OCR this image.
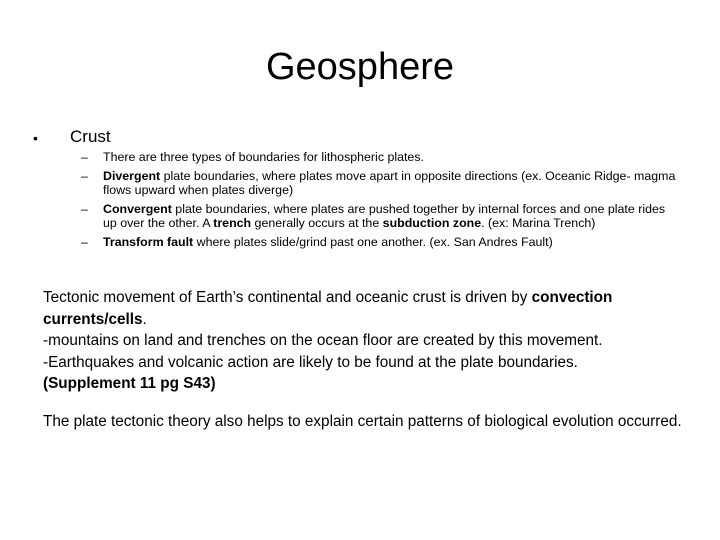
Geosphere
• Crust
– There are three types of boundaries for lithospheric plates.
– Divergent plate boundaries, where plates move apart in opposite directions (ex. Oceanic Ridge- magma flows upward when plates diverge)
– Convergent plate boundaries, where plates are pushed together by internal forces and one plate rides up over the other. A trench generally occurs at the subduction zone. (ex: Marina Trench)
– Transform fault where plates slide/grind past one another. (ex. San Andres Fault)

Tectonic movement of Earth’s continental and oceanic crust is driven by convection
currents/cells.
-mountains on land and trenches on the ocean floor are created by this movement.
-Earthquakes and volcanic action are likely to be found at the plate boundaries.
(Supplement 11 pg S43)

The plate tectonic theory also helps to explain certain patterns of biological evolution occurred.
